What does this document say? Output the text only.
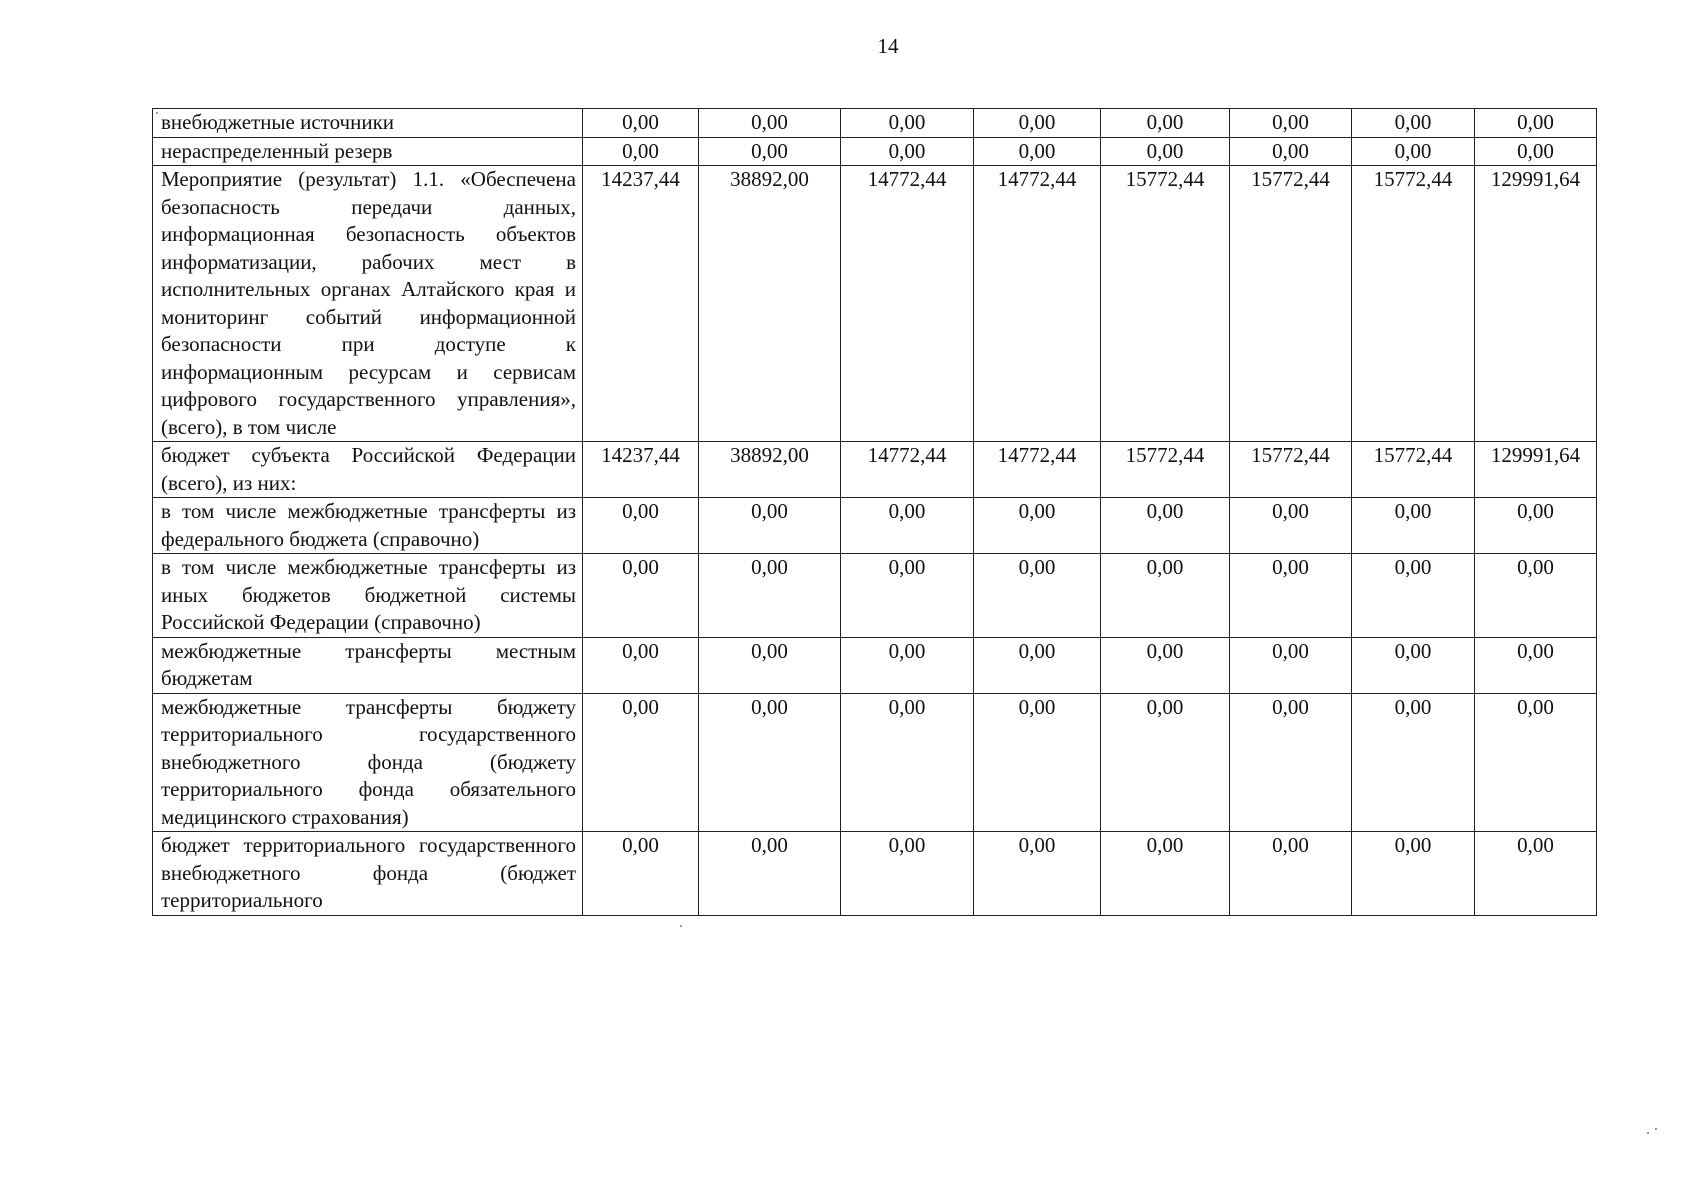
14
внебюджетные источники	0,00	0,00	0,00	0,00	0,00	0,00	0,00	0,00
нераспределенный резерв	0,00	0,00	0,00	0,00	0,00	0,00	0,00	0,00
Мероприятие (результат) 1.1. «Обеспечена безопасность передачи данных, информационная безопасность объектов информатизации, рабочих мест в исполнительных органах Алтайского края и мониторинг событий информационной безопасности при доступе к информационным ресурсам и сервисам цифрового государственного управления», (всего), в том числе	14237,44	38892,00	14772,44	14772,44	15772,44	15772,44	15772,44	129991,64
бюджет субъекта Российской Федерации (всего), из них:	14237,44	38892,00	14772,44	14772,44	15772,44	15772,44	15772,44	129991,64
в том числе межбюджетные трансферты из федерального бюджета (справочно)	0,00	0,00	0,00	0,00	0,00	0,00	0,00	0,00
в том числе межбюджетные трансферты из иных бюджетов бюджетной системы Российской Федерации (справочно)	0,00	0,00	0,00	0,00	0,00	0,00	0,00	0,00
межбюджетные трансферты местным бюджетам	0,00	0,00	0,00	0,00	0,00	0,00	0,00	0,00
межбюджетные трансферты бюджету территориального государственного внебюджетного фонда (бюджету территориального фонда обязательного медицинского страхования)	0,00	0,00	0,00	0,00	0,00	0,00	0,00	0,00
бюджет территориального государственного внебюджетного фонда (бюджет территориального	0,00	0,00	0,00	0,00	0,00	0,00	0,00	0,00
